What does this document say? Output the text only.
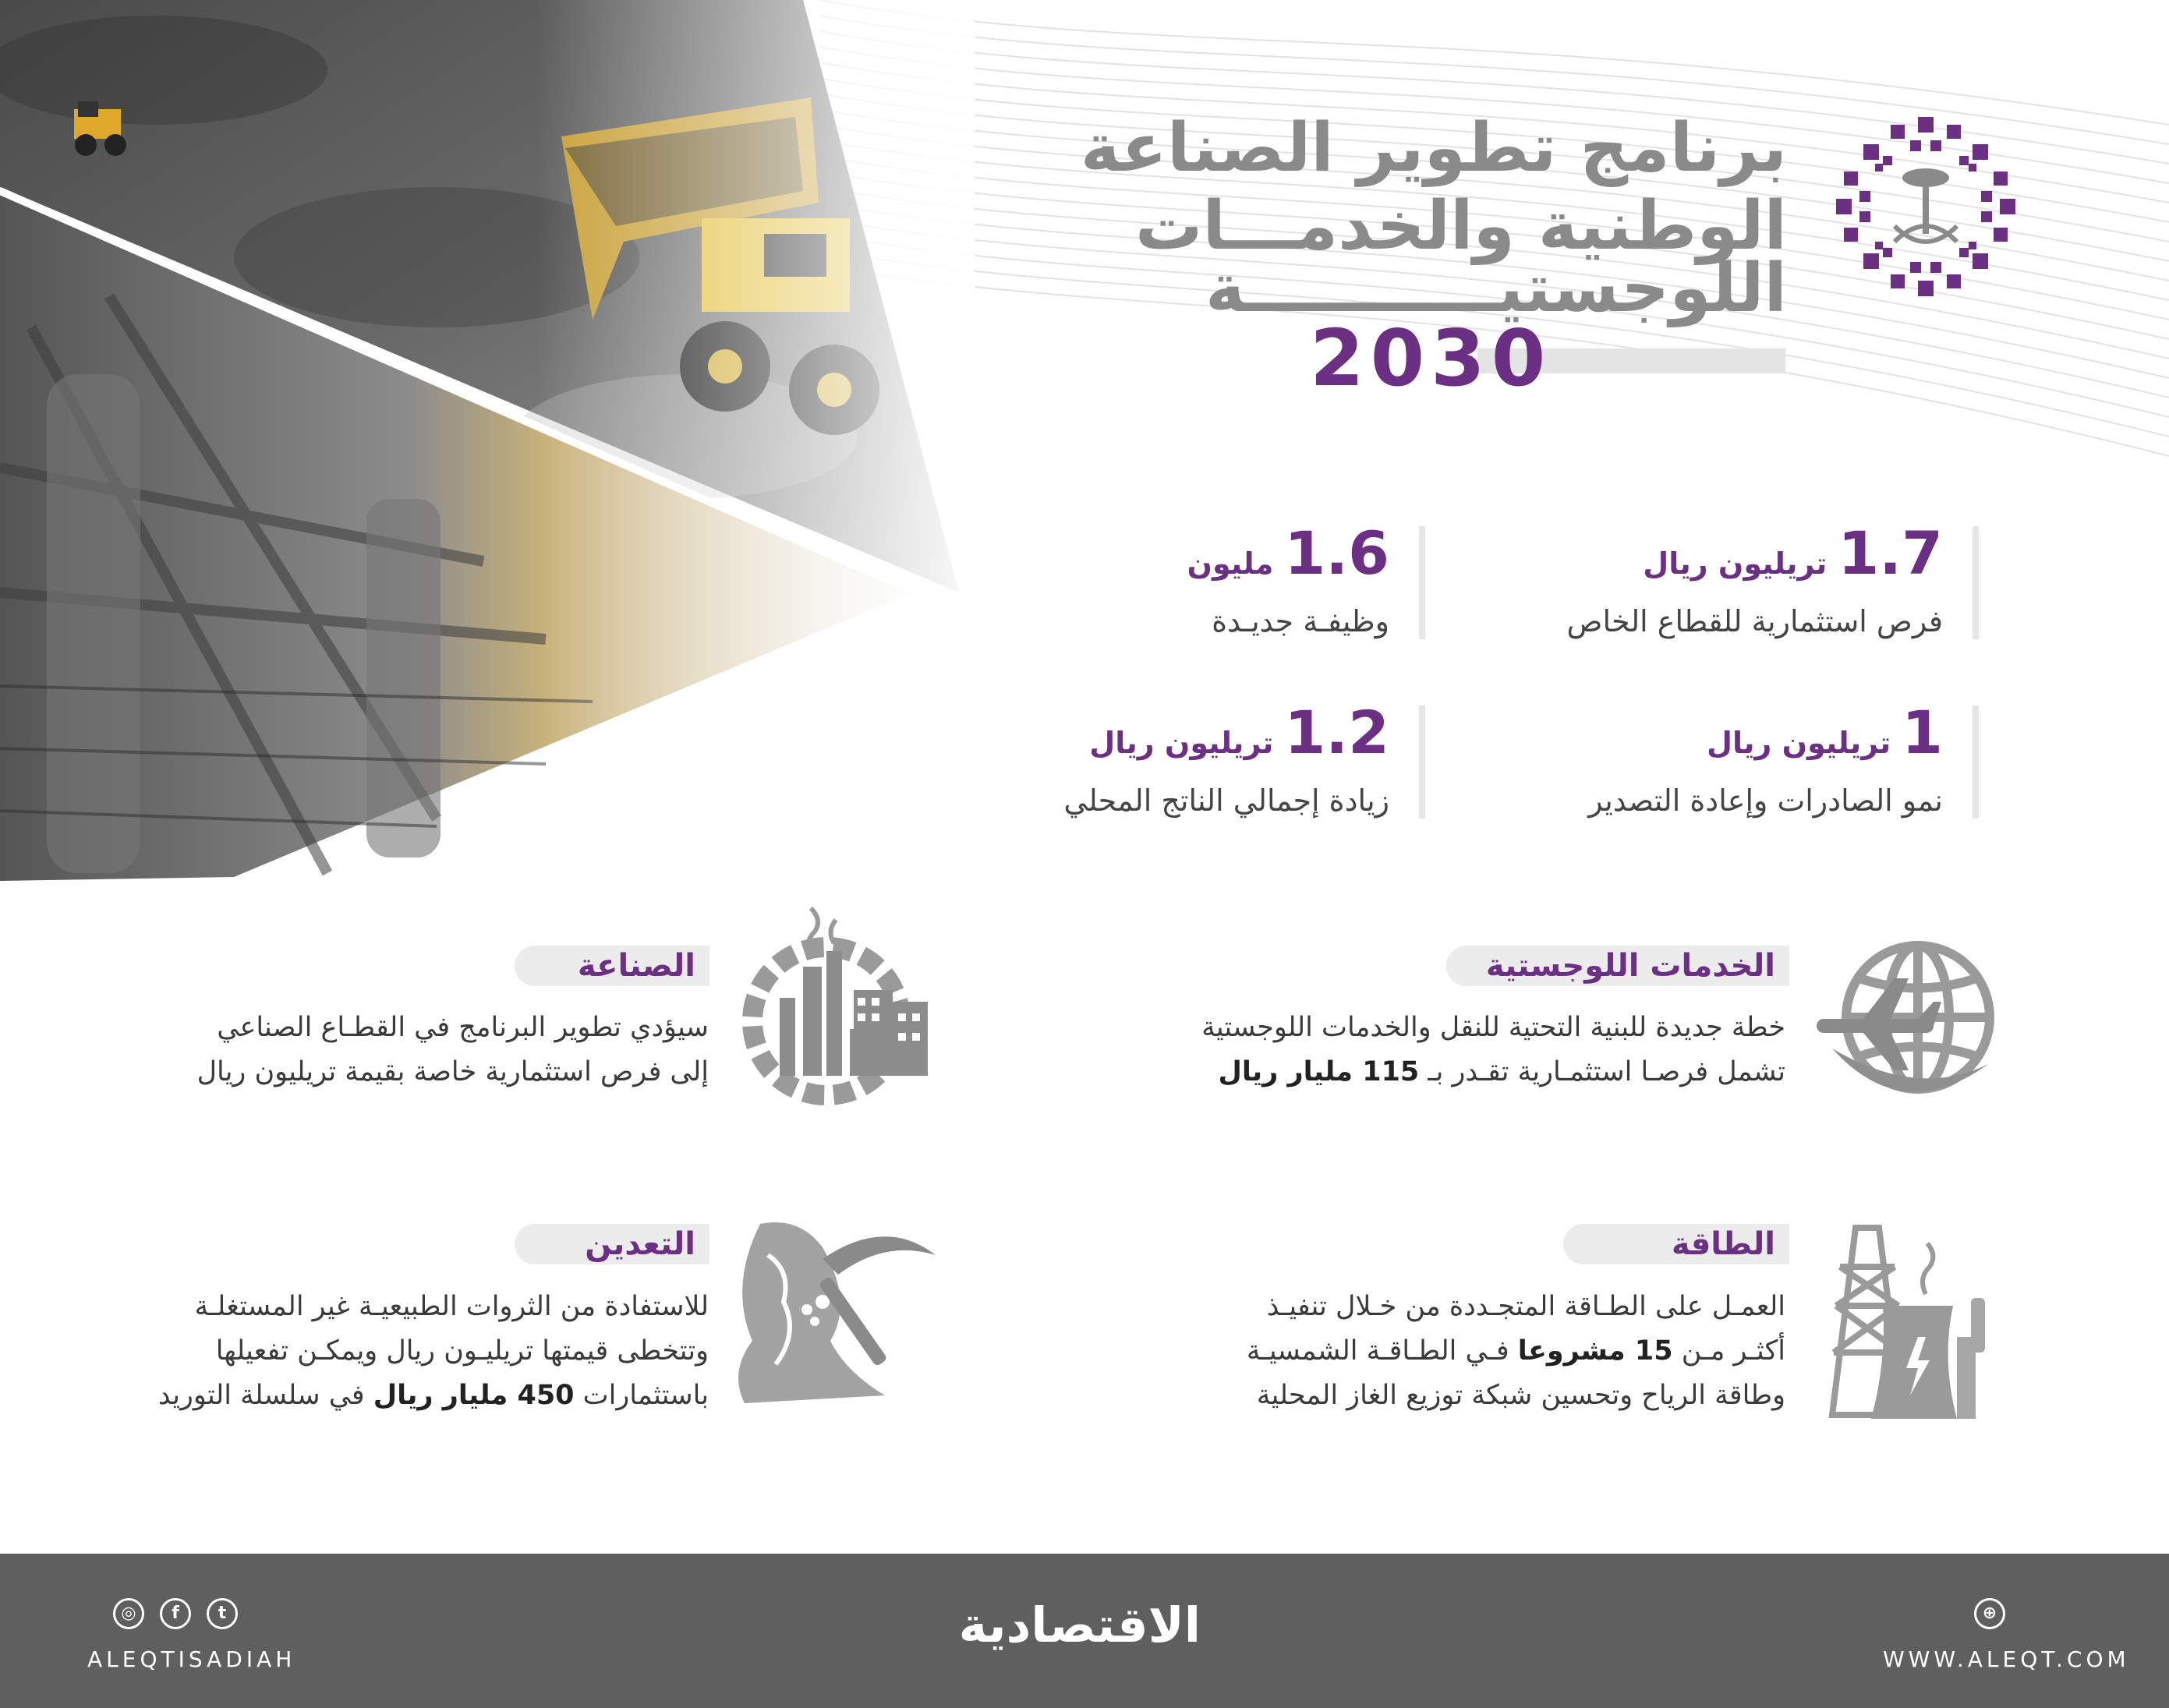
برنامج تطوير الصناعة
الوطنية والخدمـــات
اللوجستيـــــــــــة
2030
1.7تريليون ريال
فرص استثمارية للقطاع الخاص
1.6مليون
وظيفـة جديـدة
1تريليون ريال
نمو الصادرات وإعادة التصدير
1.2تريليون ريال
زيادة إجمالي الناتج المحلي
الخدمات اللوجستية
خطة جديدة للبنية التحتية للنقل والخدمات اللوجستية
تشمل فرصـا استثمـارية تقـدر بـ 115 مليار ريال
الصناعة
سيؤدي تطوير البرنامج في القطـاع الصناعي
إلى فرص استثمارية خاصة بقيمة تريليون ريال
الطاقة
العمـل على الطـاقة المتجـددة من خـلال تنفيـذ
أكثـر مـن 15 مشروعا فـي الطـاقـة الشمسيـة
وطاقة الرياح وتحسين شبكة توزيع الغاز المحلية
التعدين
للاستفادة من الثروات الطبيعيـة غير المستغلـة
وتتخطى قيمتها تريليـون ريال ويمكـن تفعيلها
باستثمارات 450 مليار ريال في سلسلة التوريد
◎	f	t
ALEQTISADIAH
الاقتصادية	⊕
WWW.ALEQT.COM
